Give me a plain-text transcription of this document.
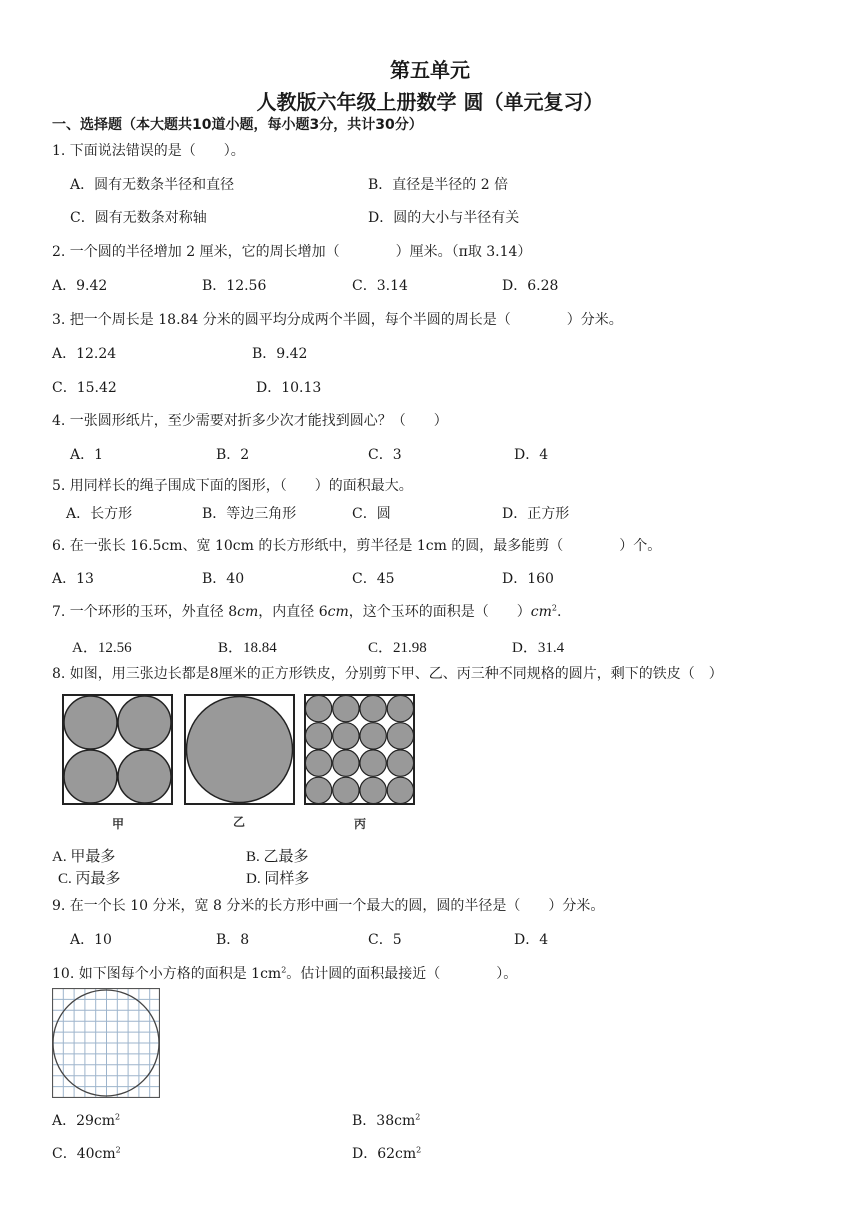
第五单元
人教版六年级上册数学 圆（单元复习）
一、选择题（本大题共10道小题，每小题3分，共计30分）
1. 下面说法错误的是（　　）。
A．圆有无数条半径和直径	B．直径是半径的 2 倍
C．圆有无数条对称轴	D．圆的大小与半径有关
2. 一个圆的半径增加 2 厘米，它的周长增加（　　　　）厘米。（π取 3.14）
A．9.42	B．12.56	C．3.14	D．6.28
3. 把一个周长是 18.84 分米的圆平均分成两个半圆，每个半圆的周长是（　　　　）分米。
A．12.24	B．9.42
C．15.42	D．10.13
4. 一张圆形纸片，至少需要对折多少次才能找到圆心？（　　）
A．1	B．2	C．3	D．4
5. 用同样长的绳子围成下面的图形，（　　）的面积最大。
A．长方形	B．等边三角形	C．圆	D．正方形
6. 在一张长 16.5cm、宽 10cm 的长方形纸中，剪半径是 1cm 的圆，最多能剪（　　　　）个。
A．13	B．40	C．45	D．160
7. 一个环形的玉环，外直径 8cm，内直径 6cm，这个玉环的面积是（　　）$cm^2$.
A．12.56	B．18.84	C．21.98	D．31.4
8. 如图，用三张边长都是8厘米的正方形铁皮，分别剪下甲、乙、丙三种不同规格的圆片，剩下的铁皮（　）
甲	乙	丙
A. 甲最多	B. 乙最多
C. 丙最多	D. 同样多
9. 在一个长 10 分米，宽 8 分米的长方形中画一个最大的圆，圆的半径是（　　）分米。
A．10	B．8	C．5	D．4
10. 如下图每个小方格的面积是 $1cm^2$。估计圆的面积最接近（　　　　）。
A．$29cm^2$	B．$38cm^2$
C．$40cm^2$	D．$62cm^2$
